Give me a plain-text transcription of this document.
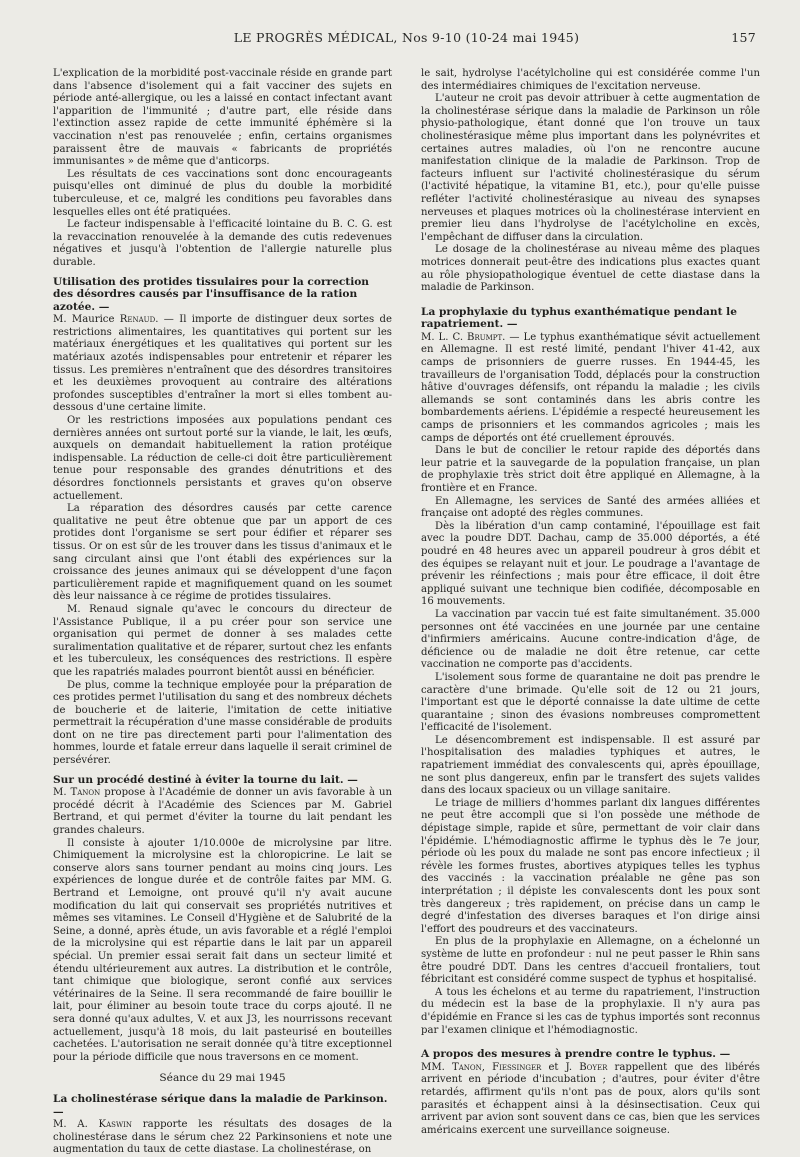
LE PROGRÈS MÉDICAL, Nos 9-10 (10-24 mai 1945)	157

L'explication de la morbidité post-vaccinale réside en grande part dans l'absence d'isolement qui a fait vacciner des sujets en période anté-allergique, ou les a laissé en contact infectant avant l'apparition de l'immunité ; d'autre part, elle réside dans l'extinction assez rapide de cette immunité éphémère si la vaccination n'est pas renouvelée ; enfin, certains organismes paraissent être de mauvais « fabricants de propriétés immunisantes » de même que d'anticorps.

Les résultats de ces vaccinations sont donc encourageants puisqu'elles ont diminué de plus du double la morbidité tuberculeuse, et ce, malgré les conditions peu favorables dans lesquelles elles ont été pratiquées.

Le facteur indispensable à l'efficacité lointaine du B. C. G. est la revaccination renouvelée à la demande des cutis redevenues négatives et jusqu'à l'obtention de l'allergie naturelle plus durable.

Utilisation des protides tissulaires pour la correction des désordres causés par l'insuffisance de la ration azotée. —

M. Maurice Renaud. — Il importe de distinguer deux sortes de restrictions alimentaires, les quantitatives qui portent sur les matériaux énergétiques et les qualitatives qui portent sur les matériaux azotés indispensables pour entretenir et réparer les tissus. Les premières n'entraînent que des désordres transitoires et les deuxièmes provoquent au contraire des altérations profondes susceptibles d'entraîner la mort si elles tombent au-dessous d'une certaine limite.

Or les restrictions imposées aux populations pendant ces dernières années ont surtout porté sur la viande, le lait, les œufs, auxquels on demandait habituellement la ration protéique indispensable. La réduction de celle-ci doit être particulièrement tenue pour responsable des grandes dénutritions et des désordres fonctionnels persistants et graves qu'on observe actuellement.

La réparation des désordres causés par cette carence qualitative ne peut être obtenue que par un apport de ces protides dont l'organisme se sert pour édifier et réparer ses tissus. Or on est sûr de les trouver dans les tissus d'animaux et le sang circulant ainsi que l'ont établi des expériences sur la croissance des jeunes animaux qui se développent d'une façon particulièrement rapide et magnifiquement quand on les soumet dès leur naissance à ce régime de protides tissulaires.

M. Renaud signale qu'avec le concours du directeur de l'Assistance Publique, il a pu créer pour son service une organisation qui permet de donner à ses malades cette suralimentation qualitative et de réparer, surtout chez les enfants et les tuberculeux, les conséquences des restrictions. Il espère que les rapatriés malades pourront bientôt aussi en bénéficier.

De plus, comme la technique employée pour la préparation de ces protides permet l'utilisation du sang et des nombreux déchets de boucherie et de laiterie, l'imitation de cette initiative permettrait la récupération d'une masse considérable de produits dont on ne tire pas directement parti pour l'alimentation des hommes, lourde et fatale erreur dans laquelle il serait criminel de persévérer.

Sur un procédé destiné à éviter la tourne du lait. —

M. Tanon propose à l'Académie de donner un avis favorable à un procédé décrit à l'Académie des Sciences par M. Gabriel Bertrand, et qui permet d'éviter la tourne du lait pendant les grandes chaleurs.

Il consiste à ajouter 1/10.000e de microlysine par litre. Chimiquement la microlysine est la chloropicrine. Le lait se conserve alors sans tourner pendant au moins cinq jours. Les expériences de longue durée et de contrôle faites par MM. G. Bertrand et Lemoigne, ont prouvé qu'il n'y avait aucune modification du lait qui conservait ses propriétés nutritives et mêmes ses vitamines. Le Conseil d'Hygiène et de Salubrité de la Seine, a donné, après étude, un avis favorable et a réglé l'emploi de la microlysine qui est répartie dans le lait par un appareil spécial. Un premier essai serait fait dans un secteur limité et étendu ultérieurement aux autres. La distribution et le contrôle, tant chimique que biologique, seront confié aux services vétérinaires de la Seine. Il sera recommandé de faire bouillir le lait, pour éliminer au besoin toute trace du corps ajouté. Il ne sera donné qu'aux adultes, V. et aux J3, les nourrissons recevant actuellement, jusqu'à 18 mois, du lait pasteurisé en bouteilles cachetées. L'autorisation ne serait donnée qu'à titre exceptionnel pour la période difficile que nous traversons en ce moment.

Séance du 29 mai 1945

La cholinestérase sérique dans la maladie de Parkinson. —

M. A. Kaswin rapporte les résultats des dosages de la cholinestérase dans le sérum chez 22 Parkinsoniens et note une augmentation du taux de cette diastase. La cholinestérase, on

le sait, hydrolyse l'acétylcholine qui est considérée comme l'un des intermédiaires chimiques de l'excitation nerveuse.

L'auteur ne croit pas devoir attribuer à cette augmentation de la cholinestérase sérique dans la maladie de Parkinson un rôle physio-pathologique, étant donné que l'on trouve un taux cholinestérasique même plus important dans les polynévrites et certaines autres maladies, où l'on ne rencontre aucune manifestation clinique de la maladie de Parkinson. Trop de facteurs influent sur l'activité cholinestérasique du sérum (l'activité hépatique, la vitamine B1, etc.), pour qu'elle puisse refléter l'activité cholinestérasique au niveau des synapses nerveuses et plaques motrices où la cholinestérase intervient en premier lieu dans l'hydrolyse de l'acétylcholine en excès, l'empêchant de diffuser dans la circulation.

Le dosage de la cholinestérase au niveau même des plaques motrices donnerait peut-être des indications plus exactes quant au rôle physiopathologique éventuel de cette diastase dans la maladie de Parkinson.

La prophylaxie du typhus exanthématique pendant le rapatriement. —

M. L. C. Brumpt. — Le typhus exanthématique sévit actuellement en Allemagne. Il est resté limité, pendant l'hiver 41-42, aux camps de prisonniers de guerre russes. En 1944-45, les travailleurs de l'organisation Todd, déplacés pour la construction hâtive d'ouvrages défensifs, ont répandu la maladie ; les civils allemands se sont contaminés dans les abris contre les bombardements aériens. L'épidémie a respecté heureusement les camps de prisonniers et les commandos agricoles ; mais les camps de déportés ont été cruellement éprouvés.

Dans le but de concilier le retour rapide des déportés dans leur patrie et la sauvegarde de la population française, un plan de prophylaxie très strict doit être appliqué en Allemagne, à la frontière et en France.

En Allemagne, les services de Santé des armées alliées et française ont adopté des règles communes.

Dès la libération d'un camp contaminé, l'épouillage est fait avec la poudre DDT. Dachau, camp de 35.000 déportés, a été poudré en 48 heures avec un appareil poudreur à gros débit et des équipes se relayant nuit et jour. Le poudrage a l'avantage de prévenir les réinfections ; mais pour être efficace, il doit être appliqué suivant une technique bien codifiée, décomposable en 16 mouvements.

La vaccination par vaccin tué est faite simultanément. 35.000 personnes ont été vaccinées en une journée par une centaine d'infirmiers américains. Aucune contre-indication d'âge, de déficience ou de maladie ne doit être retenue, car cette vaccination ne comporte pas d'accidents.

L'isolement sous forme de quarantaine ne doit pas prendre le caractère d'une brimade. Qu'elle soit de 12 ou 21 jours, l'important est que le déporté connaisse la date ultime de cette quarantaine ; sinon des évasions nombreuses compromettent l'efficacité de l'isolement.

Le désencombrement est indispensable. Il est assuré par l'hospitalisation des maladies typhiques et autres, le rapatriement immédiat des convalescents qui, après épouillage, ne sont plus dangereux, enfin par le transfert des sujets valides dans des locaux spacieux ou un village sanitaire.

Le triage de milliers d'hommes parlant dix langues différentes ne peut être accompli que si l'on possède une méthode de dépistage simple, rapide et sûre, permettant de voir clair dans l'épidémie. L'hémodiagnostic affirme le typhus dès le 7e jour, période où les poux du malade ne sont pas encore infectieux ; il révèle les formes frustes, abortives atypiques telles les typhus des vaccinés : la vaccination préalable ne gêne pas son interprétation ; il dépiste les convalescents dont les poux sont très dangereux ; très rapidement, on précise dans un camp le degré d'infestation des diverses baraques et l'on dirige ainsi l'effort des poudreurs et des vaccinateurs.

En plus de la prophylaxie en Allemagne, on a échelonné un système de lutte en profondeur : nul ne peut passer le Rhin sans être poudré DDT. Dans les centres d'accueil frontaliers, tout fébricitant est considéré comme suspect de typhus et hospitalisé.

A tous les échelons et au terme du rapatriement, l'instruction du médecin est la base de la prophylaxie. Il n'y aura pas d'épidémie en France si les cas de typhus importés sont reconnus par l'examen clinique et l'hémodiagnostic.

A propos des mesures à prendre contre le typhus. —

MM. Tanon, Fiessinger et J. Boyer rappellent que des libérés arrivent en période d'incubation ; d'autres, pour éviter d'être retardés, affirment qu'ils n'ont pas de poux, alors qu'ils sont parasités et échappent ainsi à la désinsectisation. Ceux qui arrivent par avion sont souvent dans ce cas, bien que les services américains exercent une surveillance soigneuse.
